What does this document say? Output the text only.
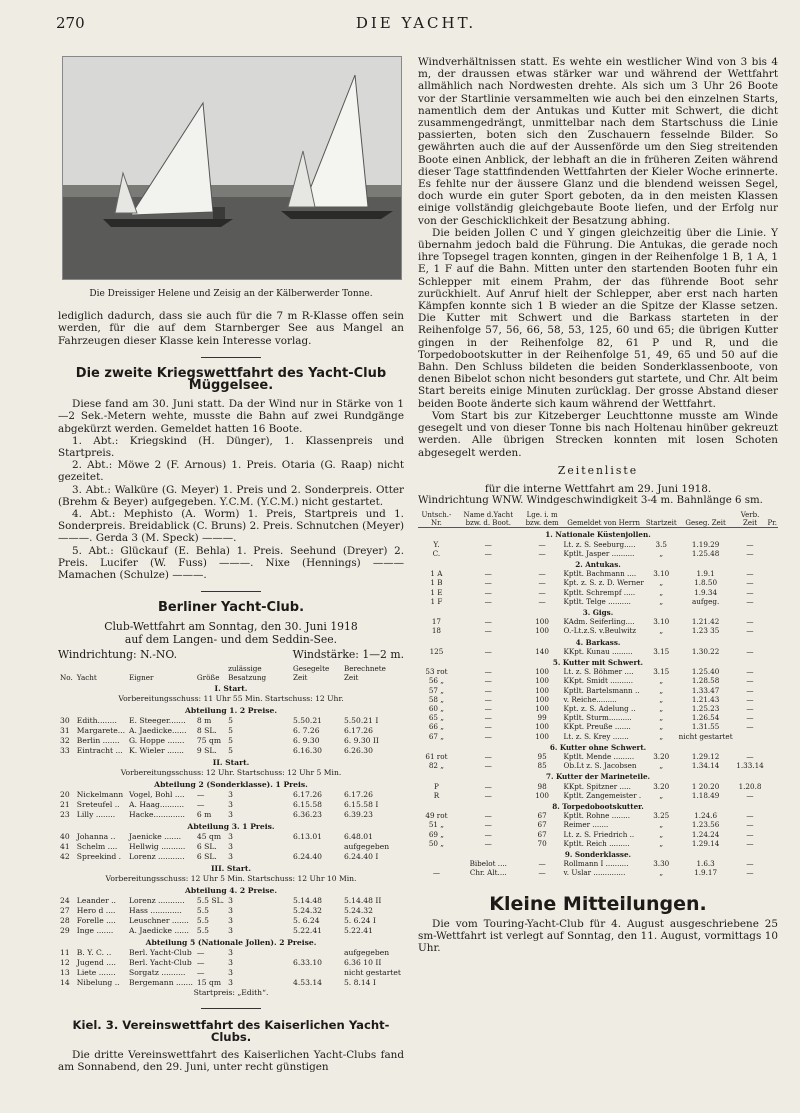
270	DIE YACHT.

Die Dreissiger Helene und Zeisig an der Kälberwerder Tonne.

lediglich dadurch, dass sie auch für die 7 m R-Klasse offen sein werden, für die auf dem Starnberger See aus Mangel an Fahrzeugen dieser Klasse kein Interesse vorlag.

Die zweite Kriegswettfahrt des Yacht-Club Müggelsee.

Diese fand am 30. Juni statt. Da der Wind nur in Stärke von 1—2 Sek.-Metern wehte, musste die Bahn auf zwei Rundgänge abgekürzt werden. Gemeldet hatten 16 Boote.

1. Abt.: Kriegskind (H. Dünger), 1. Klassenpreis und Startpreis.

2. Abt.: Möwe 2 (F. Arnous) 1. Preis. Otaria (G. Raap) nicht gezeitet.

3. Abt.: Walküre (G. Meyer) 1. Preis und 2. Sonderpreis. Otter (Brehm & Beyer) aufgegeben. Y.C.M. (Y.C.M.) nicht gestartet.

4. Abt.: Mephisto (A. Worm) 1. Preis, Startpreis und 1. Sonderpreis. Breidablick (C. Bruns) 2. Preis. Schnutchen (Meyer) ———. Gerda 3 (M. Speck) ———.

5. Abt.: Glückauf (E. Behla) 1. Preis. Seehund (Dreyer) 2. Preis. Lucifer (W. Fuss) ———. Nixe (Hennings) ——— Mamachen (Schulze) ———.

Berliner Yacht-Club.
Club-Wettfahrt am Sonntag, den 30. Juni 1918
auf dem Langen- und dem Seddin-See.
Windrichtung: N.-NO.	Windstärke: 1—2 m.
No.	Yacht	Eigner	Größe	zulässige Besatzung	Gesegelte Zeit	Berechnete Zeit
I. Start.						
Vorbereitungsschuss: 11 Uhr 55 Min. Startschuss: 12 Uhr.						
Abteilung 1. 2 Preise.						
30	Edith........	E. Steeger.......	8 m	5	5.50.21	5.50.21 I
31	Margarete...	A. Jaedicke......	8 SL.	5	6. 7.26	6.17.26
32	Berlin .......	G. Hoppe .......	75 qm	5	6. 9.30	6. 9.30 II
33	Eintracht ...	K. Wieler .......	9 SL.	5	6.16.30	6.26.30
II. Start.						
Vorbereitungsschuss: 12 Uhr. Startschuss: 12 Uhr 5 Min.						
Abteilung 2 (Sonderklasse). 1 Preis.						
20	Nickelmann	Vogel, Bohl ....	—	3	6.17.26	6.17.26
21	Sreteufel ..	A. Haag..........	—	3	6.15.58	6.15.58 I
23	Lilly ........	Hacke.............	6 m	3	6.36.23	6.39.23
Abteilung 3. 1 Preis.						
40	Johanna ..	Jaenicke .......	45 qm	3	6.13.01	6.48.01
41	Schelm ....	Hellwig ..........	6 SL.	3		aufgegeben
42	Spreekind .	Lorenz ...........	6 SL.	3	6.24.40	6.24.40 I
III. Start.						
Vorbereitungsschuss: 12 Uhr 5 Min. Startschuss: 12 Uhr 10 Min.						
Abteilung 4. 2 Preise.						
24	Leander ..	Lorenz ...........	5.5 SL.	3	5.14.48	5.14.48 II
27	Hero d ....	Hass .............	5.5	3	5.24.32	5.24.32
28	Forelle ....	Leuschner .......	5.5	3	5. 6.24	5. 6.24 I
29	Inge .......	A. Jaedicke ......	5.5	3	5.22.41	5.22.41
Abteilung 5 (Nationale Jollen). 2 Preise.						
11	B. Y. C. ..	Berl. Yacht-Club	—	3		aufgegeben
12	Jugend ....	Berl. Yacht-Club	—	3	6.33.10	6.36 10 II
13	Liete .......	Sorgatz ..........	—	3		nicht gestartet
14	Nibelung ..	Bergemann .......	15 qm	3	4.53.14	5. 8.14 I
Startpreis: „Edith“.						
Kiel. 3. Vereinswettfahrt des Kaiserlichen Yacht-Clubs.

Die dritte Vereinswettfahrt des Kaiserlichen Yacht-Clubs fand am Sonnabend, den 29. Juni, unter recht günstigen

Windverhältnissen statt. Es wehte ein westlicher Wind von 3 bis 4 m, der draussen etwas stärker war und während der Wettfahrt allmählich nach Nordwesten drehte. Als sich um 3 Uhr 26 Boote vor der Startlinie versammelten wie auch bei den einzelnen Starts, namentlich dem der Antukas und Kutter mit Schwert, die dicht zusammengedrängt, unmittelbar nach dem Startschuss die Linie passierten, boten sich den Zuschauern fesselnde Bilder. So gewährten auch die auf der Aussenförde um den Sieg streitenden Boote einen Anblick, der lebhaft an die in früheren Zeiten während dieser Tage stattfindenden Wettfahrten der Kieler Woche erinnerte. Es fehlte nur der äussere Glanz und die blendend weissen Segel, doch wurde ein guter Sport geboten, da in den meisten Klassen einige vollständig gleichgebaute Boote liefen, und der Erfolg nur von der Geschicklichkeit der Besatzung abhing.

Die beiden Jollen C und Y gingen gleichzeitig über die Linie. Y übernahm jedoch bald die Führung. Die Antukas, die gerade noch ihre Topsegel tragen konnten, gingen in der Reihenfolge 1 B, 1 A, 1 E, 1 F auf die Bahn. Mitten unter den startenden Booten fuhr ein Schlepper mit einem Prahm, der das führende Boot sehr zurückhielt. Auf Anruf hielt der Schlepper, aber erst nach harten Kämpfen konnte sich 1 B wieder an die Spitze der Klasse setzen. Die Kutter mit Schwert und die Barkass starteten in der Reihenfolge 57, 56, 66, 58, 53, 125, 60 und 65; die übrigen Kutter gingen in der Reihenfolge 82, 61 P und R, und die Torpedobootskutter in der Reihenfolge 51, 49, 65 und 50 auf die Bahn. Den Schluss bildeten die beiden Sonderklassenboote, von denen Bibelot schon nicht besonders gut startete, und Chr. Alt beim Start bereits einige Minuten zurücklag. Der grosse Abstand dieser beiden Boote änderte sich kaum während der Wettfahrt.

Vom Start bis zur Kitzeberger Leuchttonne musste am Winde gesegelt und von dieser Tonne bis nach Holtenau hinüber gekreuzt werden. Alle übrigen Strecken konnten mit losen Schoten abgesegelt werden.

Zeitenliste

für die interne Wettfahrt am 29. Juni 1918.

Windrichtung WNW. Windgeschwindigkeit 3-4 m. Bahnlänge 6 sm.

Untsch.-Nr.	Name d.Yacht bzw. d. Boot.	Lge. i. m bzw. dem	Gemeldet von Herrn	Startzeit	Geseg. Zeit	Verb. Zeit	Pr.
1. Nationale Küstenjollen.							
Y.	—	—	Lt. z. S. Seeburg.....	3.5	1.19.29	—	
C.	—	—	Kptlt. Jasper ..........	„	1.25.48	—	
2. Antukas.							
1 A	—	—	Kptlt. Bachmann ....	3.10	1.9.1	—	
1 B	—	—	Kpt. z. S. z. D. Werner	„	1.8.50	—	
1 E	—	—	Kptlt. Schrempf .....	„	1.9.34	—	
1 F	—	—	Kptlt. Telge ..........	„	aufgeg.	—	
3. Gigs.							
17	—	100	KAdm. Seiferling....	3.10	1.21.42	—	
18	—	100	O.-Lt.z.S. v.Beulwitz	„	1.23 35	—	
4. Barkass.							
125	—	140	KKpt. Kunau .........	3.15	1.30.22	—	
5. Kutter mit Schwert.							
53 rot	—	100	Lt. z. S. Böhmer ....	3.15	1.25.40	—	
56 „	—	100	KKpt. Smidt ..........	„	1.28.58	—	
57 „	—	100	Kptlt. Bartelsmann ..	„	1.33.47	—	
58 „	—	100	v. Reiche.........	„	1.21.43	—	
60 „	—	100	Kpt. z. S. Adelung ..	„	1.25.23	—	
65 „	—	99	Kptlt. Sturm..........	„	1.26.54	—	
66 „	—	100	KKpt. Preuße .......	„	1.31.55	—	
67 „	—	100	Lt. z. S. Krey .......	„	nicht gestartet		
6. Kutter ohne Schwert.							
61 rot	—	95	Kptlt. Mende .........	3.20	1.29.12	—	
82 „	—	85	Ob.Lt z. S. Jacobsen	„	1.34.14	1.33.14	
7. Kutter der Marineteile.							
P	—	98	KKpt. Spitzner .....	3.20	1 20.20	1.20.8	
R	—	100	Kptlt. Zangemeister .	„	1.18.49	—	
8. Torpedobootskutter.							
49 rot	—	67	Kptlt. Rohne ........	3.25	1.24.6	—	
51 „	—	67	Reimer .......	„	1.23.56	—	
69 „	—	67	Lt. z. S. Friedrich ..	„	1.24.24	—	
50 „	—	70	Kptlt. Reich .........	„	1.29.14	—	
9. Sonderklasse.							
	Bibelot ....	—	Rollmann I ..........	3.30	1.6.3	—	
—	Chr. Alt....	—	v. Uslar ..............	„	1.9.17	—	
Kleine Mitteilungen.

Die vom Touring-Yacht-Club für 4. August ausgeschriebene 25 sm-Wettfahrt ist verlegt auf Sonntag, den 11. August, vormittags 10 Uhr.
